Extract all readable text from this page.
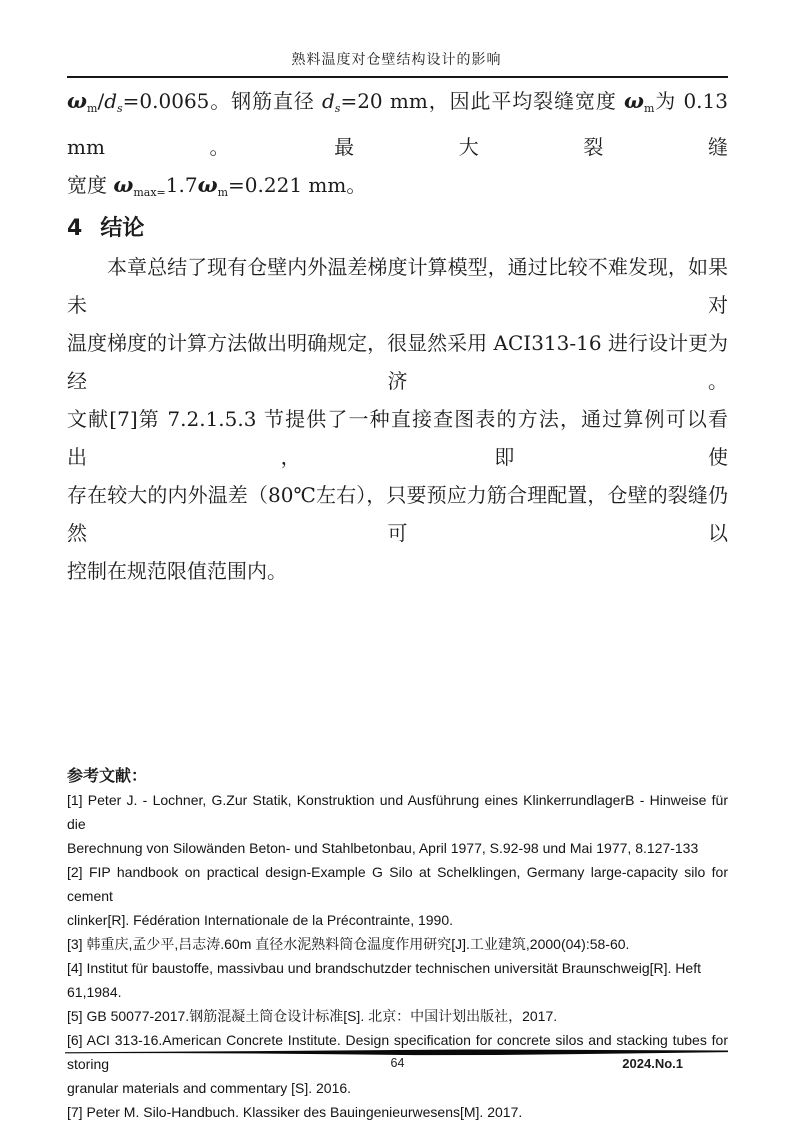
熟料温度对仓壁结构设计的影响
$\omega_m/d_s=0.0065$。钢筋直径 $d_s=20$ mm，因此平均裂缝宽度 $\omega_m$为 0.13 mm。最大裂缝
宽度 $\omega_{max=}1.7\omega_m=0.221$ mm。
4 结论
本章总结了现有仓壁内外温差梯度计算模型，通过比较不难发现，如果未对
温度梯度的计算方法做出明确规定，很显然采用 ACI313-16 进行设计更为经济。
文献[7]第 7.2.1.5.3 节提供了一种直接查图表的方法，通过算例可以看出，即使
存在较大的内外温差（80℃左右），只要预应力筋合理配置，仓壁的裂缝仍然可以
控制在规范限值范围内。
参考文献：
[1] Peter J. - Lochner, G.Zur Statik, Konstruktion und Ausführung eines KlinkerrundlagerB - Hinweise für die
Berechnung von Silowänden Beton- und Stahlbetonbau, April 1977, S.92-98 und Mai 1977, 8.127-133
[2] FIP handbook on practical design-Example G Silo at Schelklingen, Germany large-capacity silo for cement
clinker[R]. Fédération Internationale de la Précontrainte, 1990.
[3] 韩重庆,孟少平,吕志涛.60m 直径水泥熟料筒仓温度作用研究[J].工业建筑,2000(04):58-60.
[4] Institut für baustoffe, massivbau und brandschutzder technischen universität Braunschweig[R]. Heft 61,1984.
[5] GB 50077-2017.钢筋混凝土筒仓设计标准[S]. 北京：中国计划出版社，2017.
[6] ACI 313-16.American Concrete Institute. Design specification for concrete silos and stacking tubes for storing
granular materials and commentary [S]. 2016.
[7] Peter M. Silo-Handbuch. Klassiker des Bauingenieurwesens[M]. 2017.
64	2024.No.1
